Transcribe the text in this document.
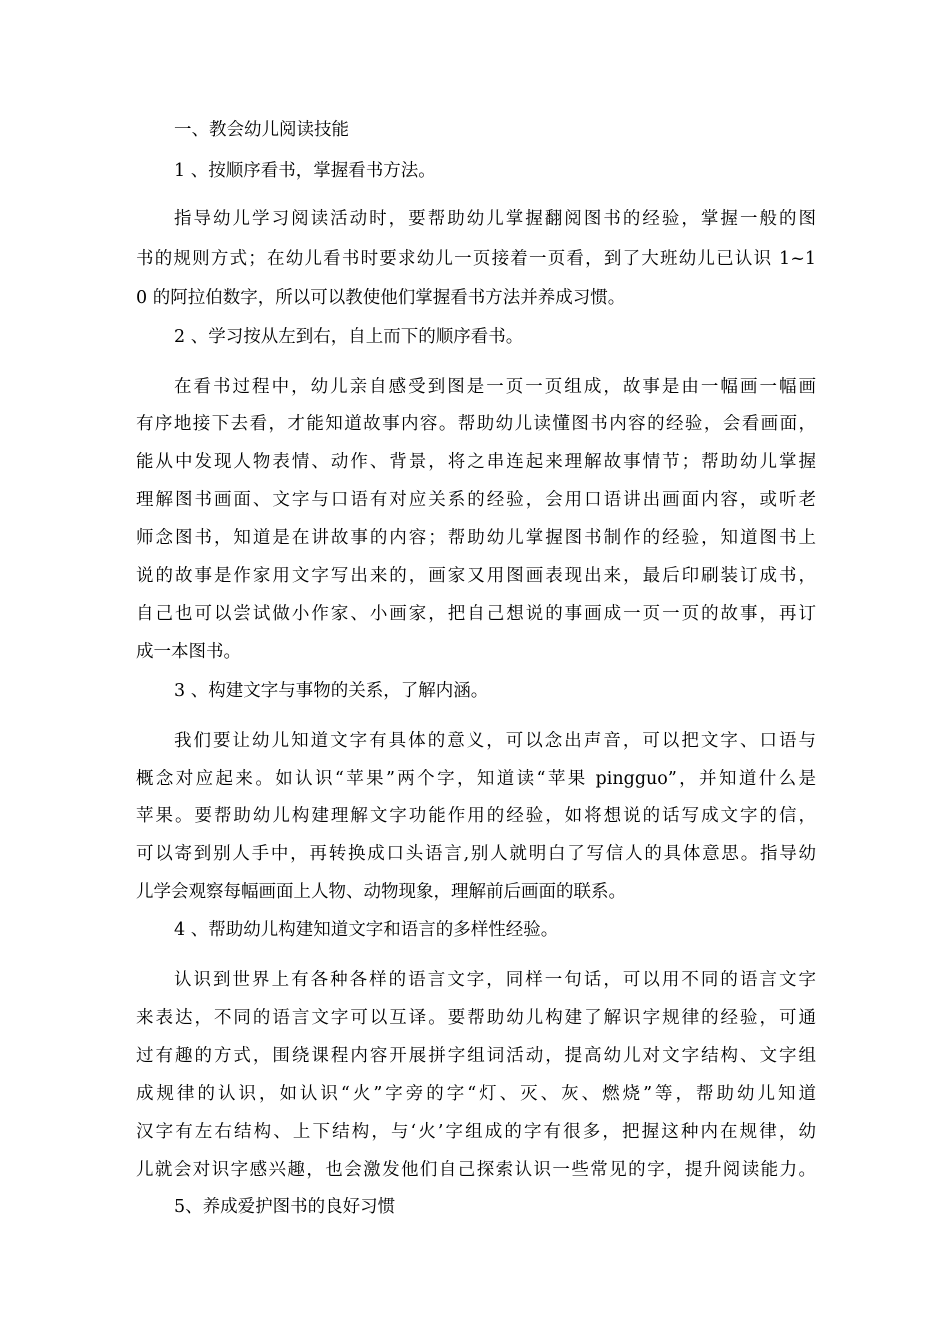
一、教会幼儿阅读技能
1 、按顺序看书，掌握看书方法。
指导幼儿学习阅读活动时，要帮助幼儿掌握翻阅图书的经验，掌握一般的图
书的规则方式；在幼儿看书时要求幼儿一页接着一页看，到了大班幼儿已认识 1~1
0 的阿拉伯数字，所以可以教使他们掌握看书方法并养成习惯。
2 、学习按从左到右，自上而下的顺序看书。
在看书过程中，幼儿亲自感受到图是一页一页组成，故事是由一幅画一幅画
有序地接下去看，才能知道故事内容。帮助幼儿读懂图书内容的经验，会看画面，
能从中发现人物表情、动作、背景，将之串连起来理解故事情节；帮助幼儿掌握
理解图书画面、文字与口语有对应关系的经验，会用口语讲出画面内容，或听老
师念图书，知道是在讲故事的内容；帮助幼儿掌握图书制作的经验，知道图书上
说的故事是作家用文字写出来的，画家又用图画表现出来，最后印刷装订成书，
自己也可以尝试做小作家、小画家，把自己想说的事画成一页一页的故事，再订
成一本图书。
3 、构建文字与事物的关系，了解内涵。
我们要让幼儿知道文字有具体的意义，可以念出声音，可以把文字、口语与
概念对应起来。如认识“苹果”两个字，知道读“苹果 pingguo”，并知道什么是
苹果。要帮助幼儿构建理解文字功能作用的经验，如将想说的话写成文字的信，
可以寄到别人手中，再转换成口头语言,别人就明白了写信人的具体意思。指导幼
儿学会观察每幅画面上人物、动物现象，理解前后画面的联系。
4 、帮助幼儿构建知道文字和语言的多样性经验。
认识到世界上有各种各样的语言文字，同样一句话，可以用不同的语言文字
来表达，不同的语言文字可以互译。要帮助幼儿构建了解识字规律的经验，可通
过有趣的方式，围绕课程内容开展拼字组词活动，提高幼儿对文字结构、文字组
成规律的认识，如认识“火”字旁的字“灯、灭、灰、燃烧”等，帮助幼儿知道
汉字有左右结构、上下结构，与‘火’字组成的字有很多，把握这种内在规律，幼
儿就会对识字感兴趣，也会激发他们自己探索认识一些常见的字，提升阅读能力。
5、养成爱护图书的良好习惯
